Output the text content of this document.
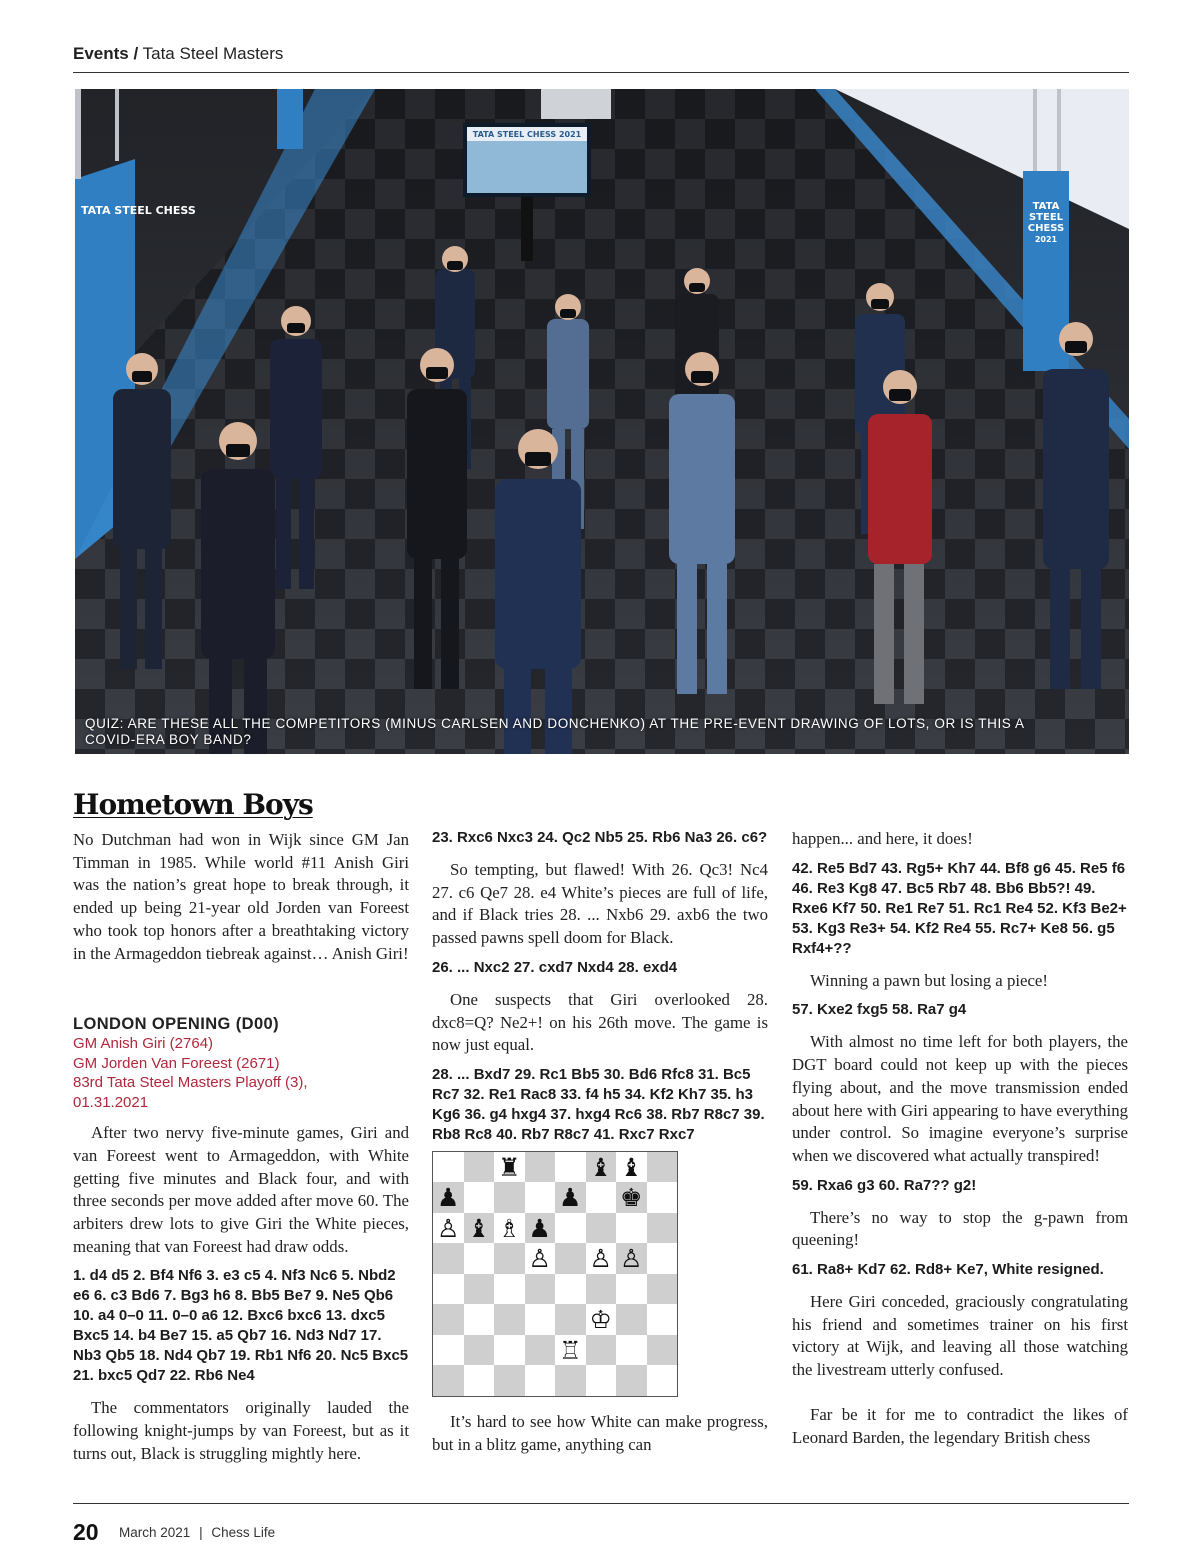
Events / Tata Steel Masters
TATA STEEL CHESS 2021
TATA STEEL CHESS	TATA
STEEL
CHESS
2021
QUIZ: ARE THESE ALL THE COMPETITORS (MINUS CARLSEN AND DONCHENKO) AT THE PRE-EVENT DRAWING OF LOTS, OR IS THIS A COVID-ERA BOY BAND?
Hometown Boys

No Dutchman had won in Wijk since GM Jan Timman in 1985. While world #11 Anish Giri was the nation’s great hope to break through, it ended up being 21-year old Jorden van Foreest who took top honors after a breathtaking victory in the Armageddon tiebreak against… Anish Giri!

LONDON OPENING (D00)
GM Anish Giri (2764)
GM Jorden Van Foreest (2671)
83rd Tata Steel Masters Playoff (3),
01.31.2021

After two nervy five-minute games, Giri and van Foreest went to Armageddon, with White getting five minutes and Black four, and with three seconds per move added after move 60. The arbiters drew lots to give Giri the White pieces, meaning that van Foreest had draw odds.

1. d4 d5 2. Bf4 Nf6 3. e3 c5 4. Nf3 Nc6 5. Nbd2 e6 6. c3 Bd6 7. Bg3 h6 8. Bb5 Be7 9. Ne5 Qb6 10. a4 0–0 11. 0–0 a6 12. Bxc6 bxc6 13. dxc5 Bxc5 14. b4 Be7 15. a5 Qb7 16. Nd3 Nd7 17. Nb3 Qb5 18. Nd4 Qb7 19. Rb1 Nf6 20. Nc5 Bxc5 21. bxc5 Qd7 22. Rb6 Ne4

The commentators originally lauded the following knight-jumps by van Foreest, but as it turns out, Black is struggling mightly here.

23. Rxc6 Nxc3 24. Qc2 Nb5 25. Rb6 Na3 26. c6?

So tempting, but flawed! With 26. Qc3! Nc4 27. c6 Qe7 28. e4 White’s pieces are full of life, and if Black tries 28. ... Nxb6 29. axb6 the two passed pawns spell doom for Black.

26. ... Nxc2 27. cxd7 Nxd4 28. exd4

One suspects that Giri overlooked 28. dxc8=Q? Ne2+! on his 26th move. The game is now just equal.

28. ... Bxd7 29. Rc1 Bb5 30. Bd6 Rfc8 31. Bc5 Rc7 32. Re1 Rac8 33. f4 h5 34. Kf2 Kh7 35. h3 Kg6 36. g4 hxg4 37. hxg4 Rc6 38. Rb7 R8c7 39. Rb8 Rc8 40. Rb7 R8c7 41. Rxc7 Rxc7

♜	♝ ♝
♟	♟ ♚
♙ ♝ ♗ ♟
♙ ♙ ♙
♔
♖

It’s hard to see how White can make progress, but in a blitz game, anything can

happen... and here, it does!

42. Re5 Bd7 43. Rg5+ Kh7 44. Bf8 g6 45. Re5 f6 46. Re3 Kg8 47. Bc5 Rb7 48. Bb6 Bb5?! 49. Rxe6 Kf7 50. Re1 Re7 51. Rc1 Re4 52. Kf3 Be2+ 53. Kg3 Re3+ 54. Kf2 Re4 55. Rc7+ Ke8 56. g5 Rxf4+??

Winning a pawn but losing a piece!

57. Kxe2 fxg5 58. Ra7 g4

With almost no time left for both players, the DGT board could not keep up with the pieces flying about, and the move transmission ended about here with Giri appearing to have everything under control. So imagine everyone’s surprise when we discovered what actually transpired!

59. Rxa6 g3 60. Ra7?? g2!

There’s no way to stop the g-pawn from queening!

61. Ra8+ Kd7 62. Rd8+ Ke7, White resigned.

Here Giri conceded, graciously congratulating his friend and sometimes trainer on his first victory at Wijk, and leaving all those watching the livestream utterly confused.

Far be it for me to contradict the likes of Leonard Barden, the legendary British chess

20 March 2021 | Chess Life
